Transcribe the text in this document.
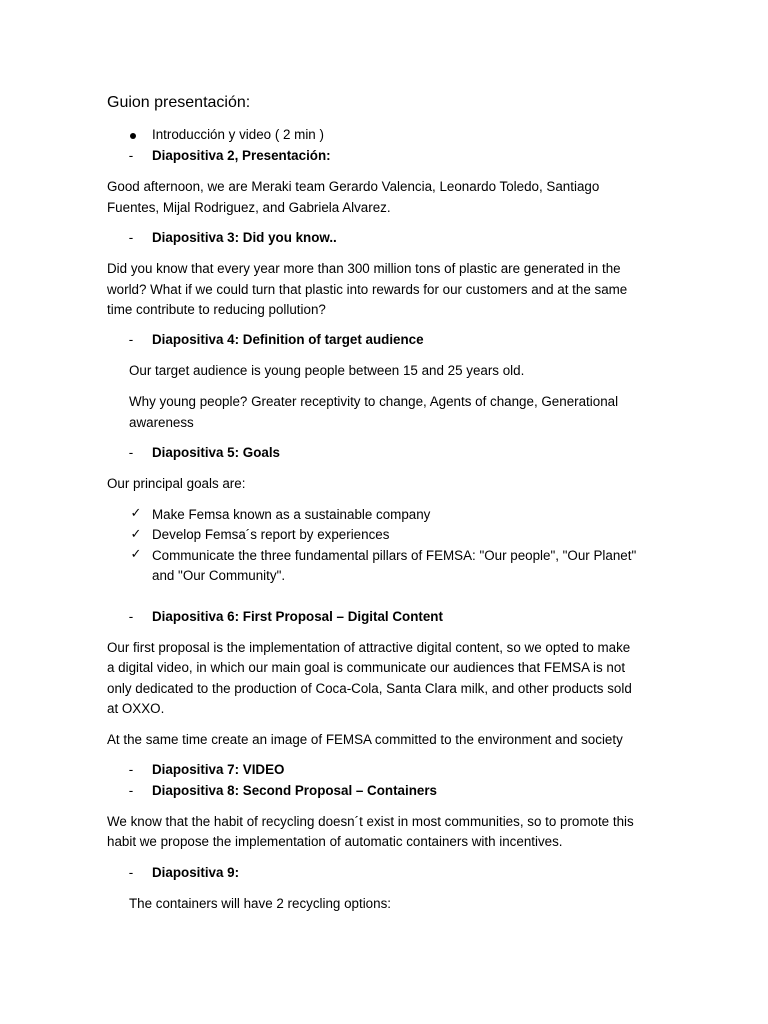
Guion presentación:
Introducción y video ( 2 min )
-	Diapositiva 2, Presentación:
Good afternoon, we are Meraki team Gerardo Valencia, Leonardo Toledo, Santiago
Fuentes, Mijal Rodriguez, and Gabriela Alvarez.
-	Diapositiva 3: Did you know..
Did you know that every year more than 300 million tons of plastic are generated in the
world? What if we could turn that plastic into rewards for our customers and at the same
time contribute to reducing pollution?
-	Diapositiva 4: Definition of target audience
Our target audience is young people between 15 and 25 years old.
Why young people? Greater receptivity to change, Agents of change, Generational
awareness
-	Diapositiva 5: Goals
Our principal goals are:
✓ Make Femsa known as a sustainable company
✓ Develop Femsa´s report by experiences
✓ Communicate the three fundamental pillars of FEMSA: "Our people", "Our Planet"
and "Our Community".
-	Diapositiva 6: First Proposal – Digital Content
Our first proposal is the implementation of attractive digital content, so we opted to make
a digital video, in which our main goal is communicate our audiences that FEMSA is not
only dedicated to the production of Coca-Cola, Santa Clara milk, and other products sold
at OXXO.
At the same time create an image of FEMSA committed to the environment and society
-	Diapositiva 7: VIDEO
-	Diapositiva 8: Second Proposal – Containers
We know that the habit of recycling doesn´t exist in most communities, so to promote this
habit we propose the implementation of automatic containers with incentives.
-	Diapositiva 9:
The containers will have 2 recycling options:
